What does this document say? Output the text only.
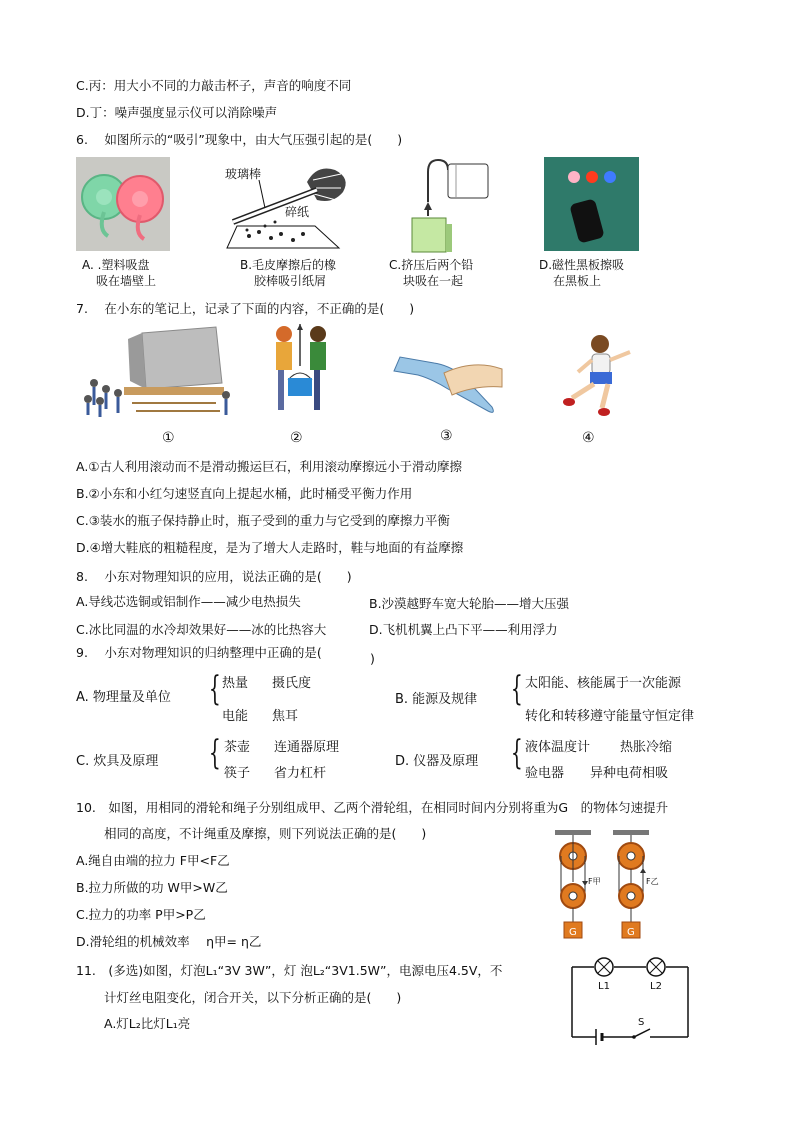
C.丙：用大小不同的力敲击杯子，声音的响度不同
D.丁：噪声强度显示仪可以消除噪声
6.　 如图所示的“吸引”现象中，由大气压强引起的是(　　)
玻璃棒
碎纸
A. .塑料吸盘
吸在墙壁上
B.毛皮摩擦后的橡
胶棒吸引纸屑
C.挤压后两个铅
块吸在一起
D.磁性黑板擦吸
在黑板上
7.　 在小东的笔记上，记录了下面的内容，不正确的是(　　)
①	②	③	④
A.①古人利用滚动而不是滑动搬运巨石，利用滚动摩擦远小于滑动摩擦
B.②小东和小红匀速竖直向上提起水桶，此时桶受平衡力作用
C.③装水的瓶子保持静止时，瓶子受到的重力与它受到的摩擦力平衡
D.④增大鞋底的粗糙程度，是为了增大人走路时，鞋与地面的有益摩擦
8.　 小东对物理知识的应用，说法正确的是(　　)
A.导线芯选铜或铝制作——减少电热损失	B.沙漠越野车宽大轮胎——增大压强
C.冰比同温的水冷却效果好——冰的比热容大	D.飞机机翼上凸下平——利用浮力
9.　 小东对物理知识的归纳整理中正确的是(	)
A. 物理量及单位 { 热量 摄氏度
电能 焦耳
B. 能源及规律 { 太阳能、核能属于一次能源
转化和转移遵守能量守恒定律
C. 炊具及原理 { 茶壶 连通器原理
筷子 省力杠杆
D. 仪器及原理 { 液体温度计 热胀冷缩
验电器 异种电荷相吸
10.　如图，用相同的滑轮和绳子分别组成甲、乙两个滑轮组，在相同时间内分别将重为G　的物体匀速提升
相同的高度，不计绳重及摩擦，则下列说法正确的是(　　)
A.绳自由端的拉力 F甲<F乙
B.拉力所做的功 W甲>W乙
C.拉力的功率 P甲>P乙
D.滑轮组的机械效率　 η甲= η乙
G
F甲
G
F乙
11.　(多选)如图，灯泡L₁“3V 3W”，灯 泡L₂“3V1.5W”，电源电压4.5V，不
计灯丝电阻变化，闭合开关，以下分析正确的是(　　)
A.灯L₂比灯L₁亮
L1	L2
S
